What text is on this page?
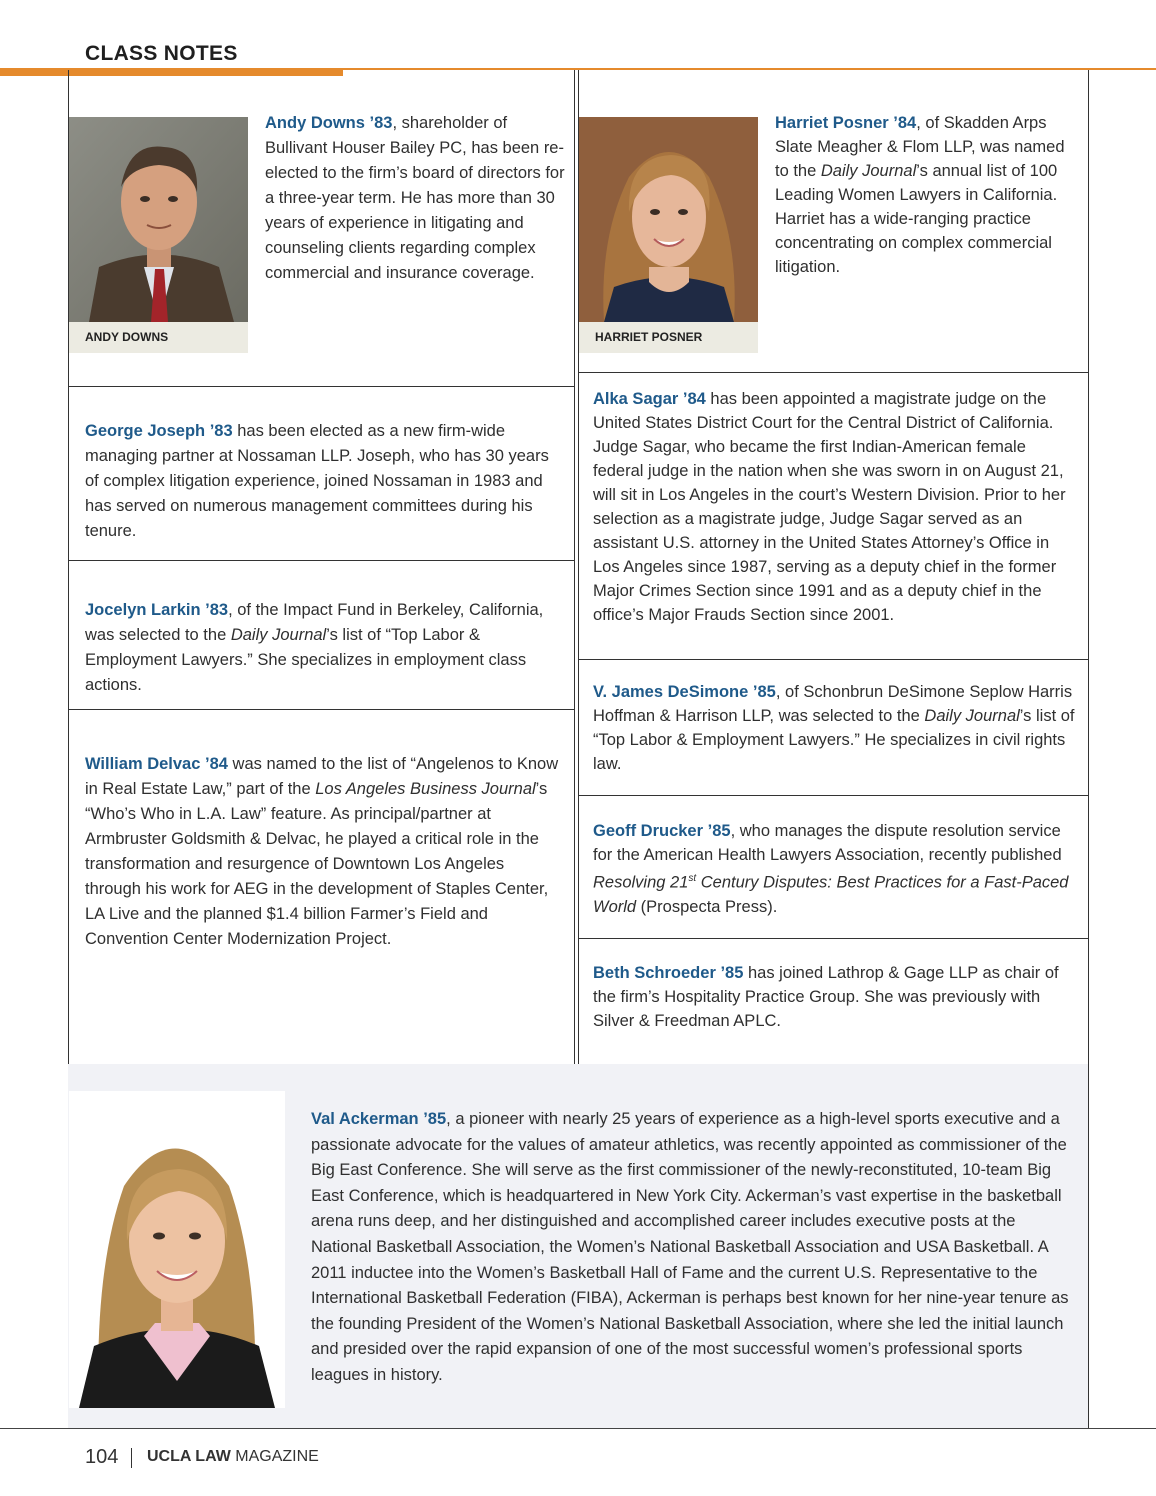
CLASS NOTES
ANDY DOWNS
Andy Downs ’83, shareholder of Bullivant Houser Bailey PC, has been re-elected to the firm’s board of directors for a three-year term. He has more than 30 years of experience in litigating and counseling clients regarding complex commercial and insurance coverage.
George Joseph ’83 has been elected as a new firm-wide managing partner at Nossaman LLP. Joseph, who has 30 years of complex litigation experience, joined Nossaman in 1983 and has served on numerous management committees during his tenure.
Jocelyn Larkin ’83, of the Impact Fund in Berkeley, California, was selected to the Daily Journal’s list of “Top Labor & Employment Lawyers.” She specializes in employment class actions.
William Delvac ’84 was named to the list of “Angelenos to Know in Real Estate Law,” part of the Los Angeles Business Journal’s “Who’s Who in L.A. Law” feature. As principal/partner at Armbruster Goldsmith & Delvac, he played a critical role in the transformation and resurgence of Downtown Los Angeles through his work for AEG in the development of Staples Center, LA Live and the planned $1.4 billion Farmer’s Field and Convention Center Modernization Project.
HARRIET POSNER
Harriet Posner ’84, of Skadden Arps Slate Meagher & Flom LLP, was named to the Daily Journal’s annual list of 100 Leading Women Lawyers in California. Harriet has a wide-ranging practice concentrating on complex commercial litigation.
Alka Sagar ’84 has been appointed a magistrate judge on the United States District Court for the Central District of California. Judge Sagar, who became the first Indian-American female federal judge in the nation when she was sworn in on August 21, will sit in Los Angeles in the court’s Western Division. Prior to her selection as a magistrate judge, Judge Sagar served as an assistant U.S. attorney in the United States Attorney’s Office in Los Angeles since 1987, serving as a deputy chief in the former Major Crimes Section since 1991 and as a deputy chief in the office’s Major Frauds Section since 2001.
V. James DeSimone ’85, of Schonbrun DeSimone Seplow Harris Hoffman & Harrison LLP, was selected to the Daily Journal’s list of “Top Labor & Employment Lawyers.” He specializes in civil rights law.
Geoff Drucker ’85, who manages the dispute resolution service for the American Health Lawyers Association, recently published Resolving 21st Century Disputes: Best Practices for a Fast-Paced World (Prospecta Press).
Beth Schroeder ’85 has joined Lathrop & Gage LLP as chair of the firm’s Hospitality Practice Group. She was previously with Silver & Freedman APLC.
Val Ackerman ’85, a pioneer with nearly 25 years of experience as a high-level sports executive and a passionate advocate for the values of amateur athletics, was recently appointed as commissioner of the Big East Conference. She will serve as the first commissioner of the newly-reconstituted, 10-team Big East Conference, which is headquartered in New York City. Ackerman’s vast expertise in the basketball arena runs deep, and her distinguished and accomplished career includes executive posts at the National Basketball Association, the Women’s National Basketball Association and USA Basketball. A 2011 inductee into the Women’s Basketball Hall of Fame and the current U.S. Representative to the International Basketball Federation (FIBA), Ackerman is perhaps best known for her nine-year tenure as the founding President of the Women’s National Basketball Association, where she led the initial launch and presided over the rapid expansion of one of the most successful women’s professional sports leagues in history.
104 UCLA LAW MAGAZINE
